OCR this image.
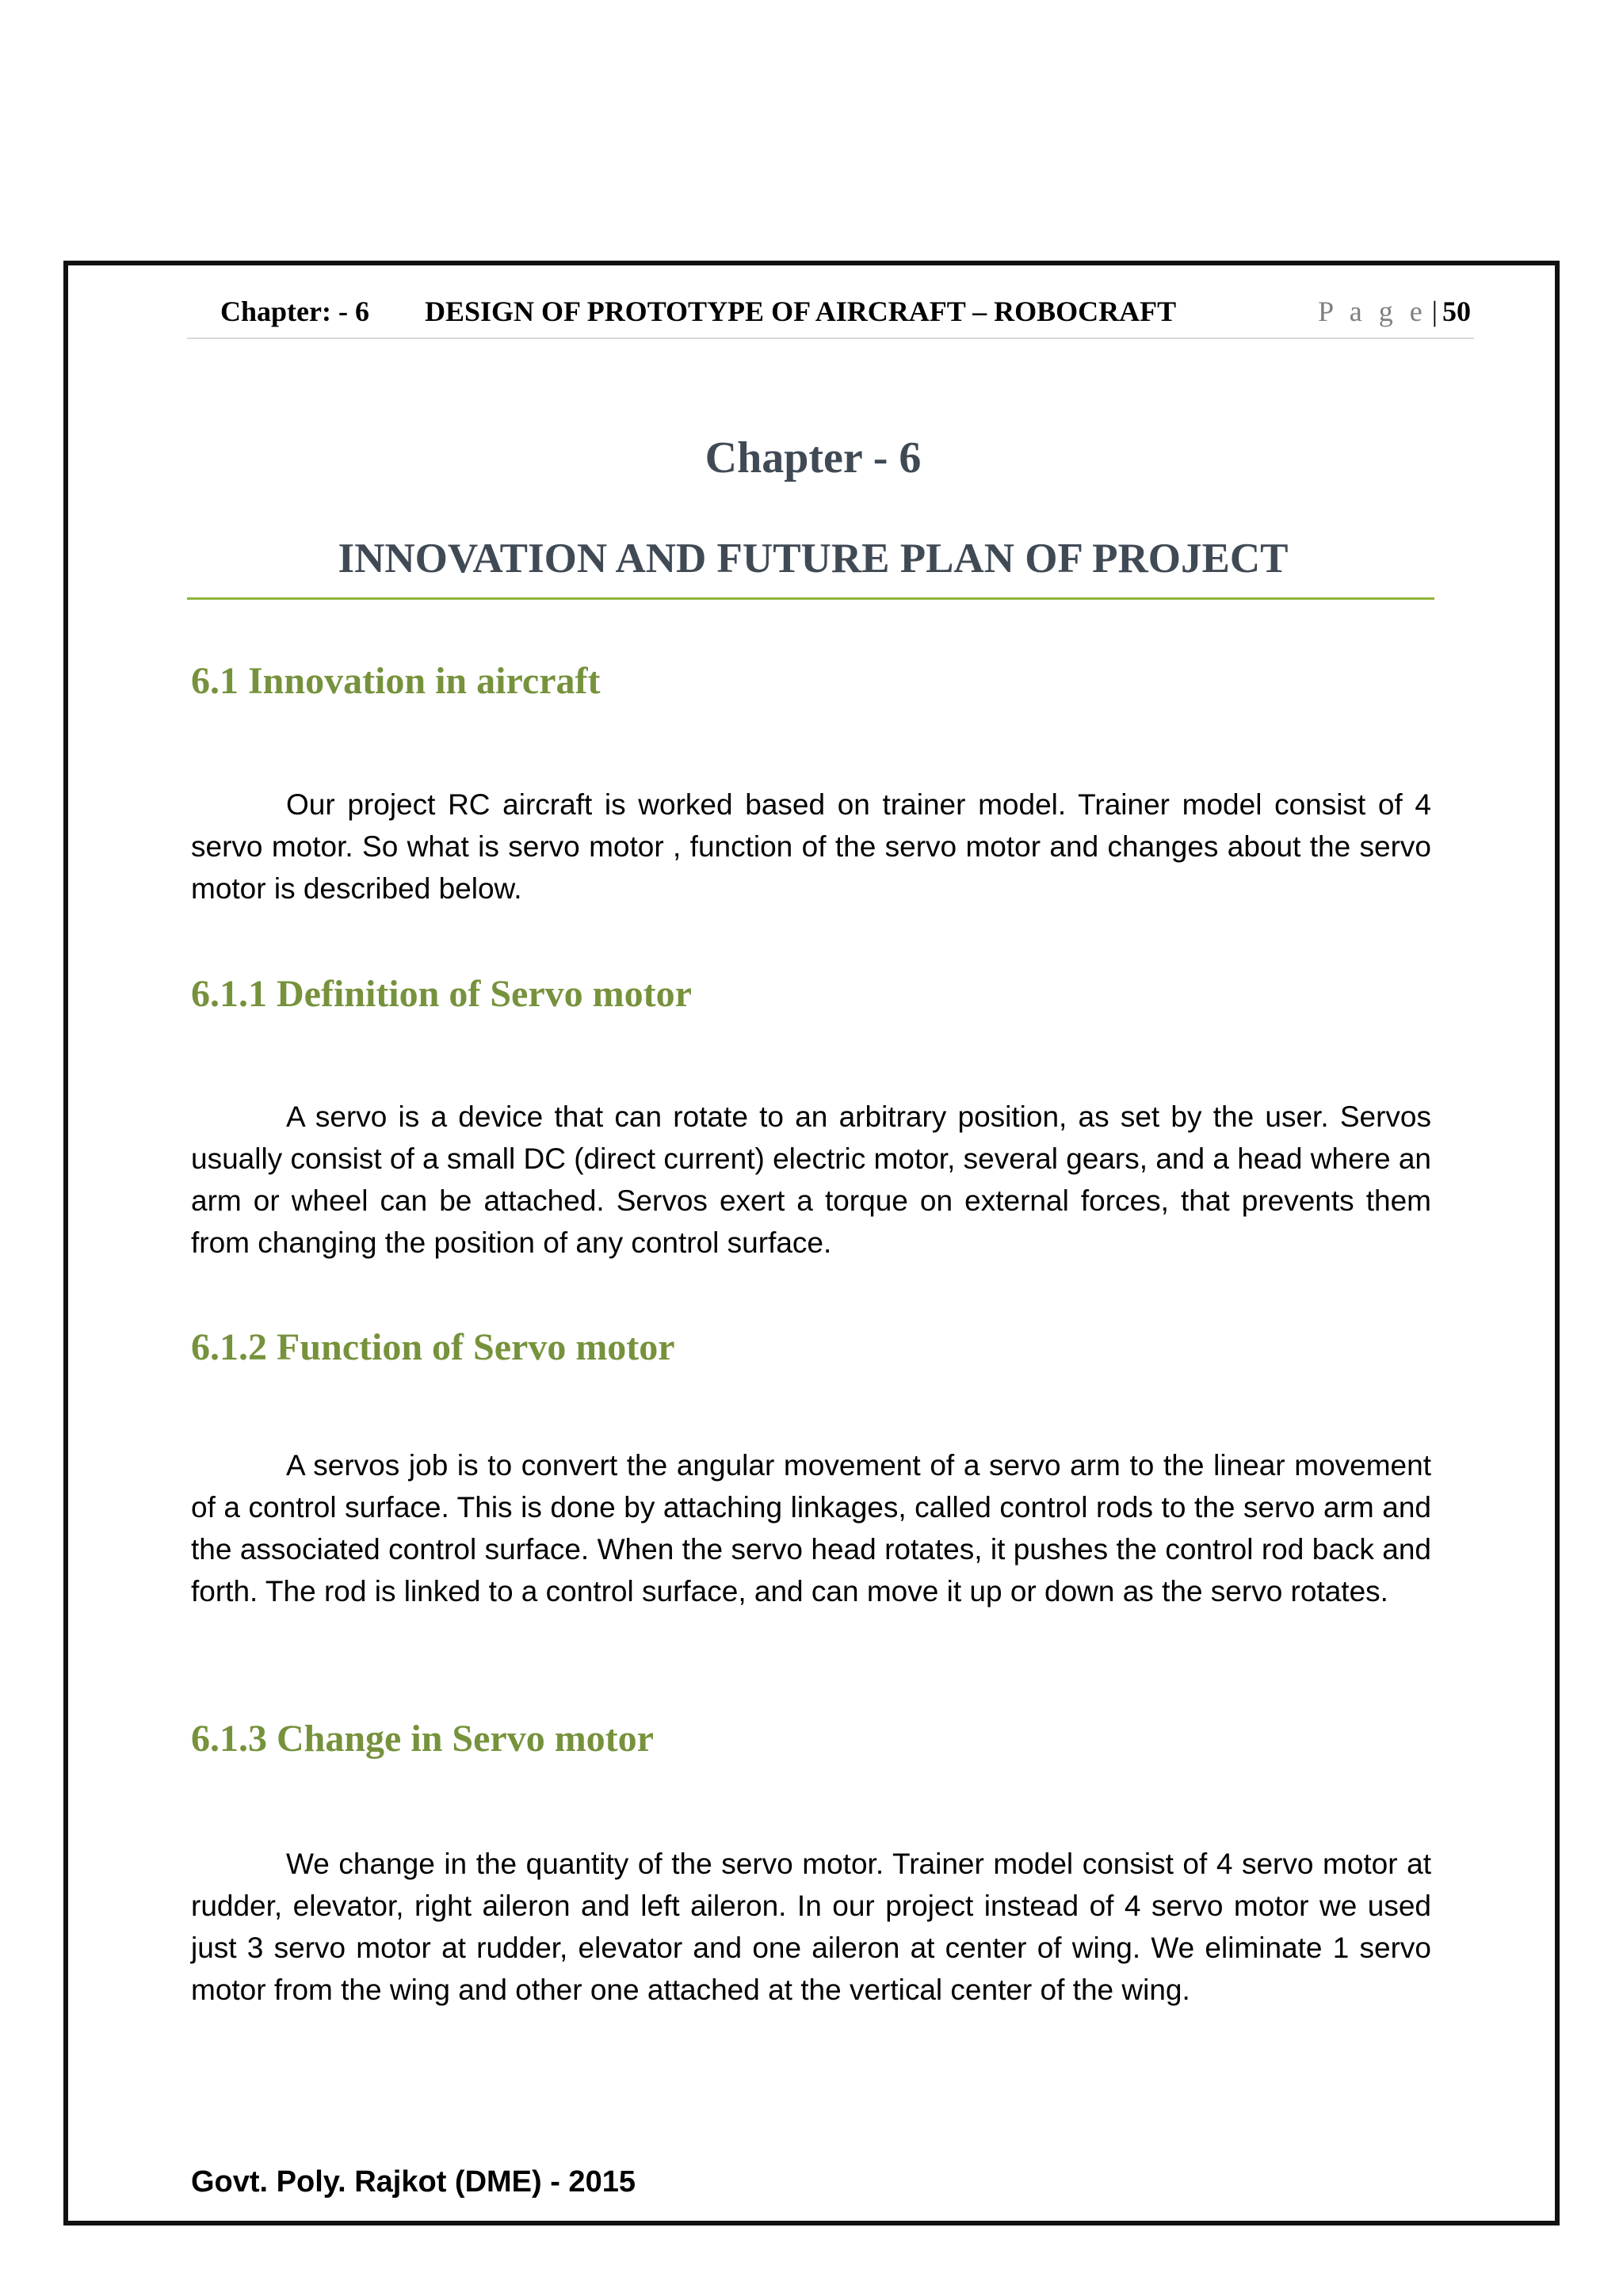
Chapter: - 6 DESIGN OF PROTOTYPE OF AIRCRAFT – ROBOCRAFT	P a g e | 50
Chapter - 6
INNOVATION AND FUTURE PLAN OF PROJECT
6.1 Innovation in aircraft

Our project RC aircraft is worked based on trainer model. Trainer model consist of 4 servo motor. So what is servo motor , function of the servo motor and changes about the servo motor is described below.

6.1.1 Definition of Servo motor

A servo is a device that can rotate to an arbitrary position, as set by the user. Servos usually consist of a small DC (direct current) electric motor, several gears, and a head where an arm or wheel can be attached. Servos exert a torque on external forces, that prevents them from changing the position of any control surface.

6.1.2 Function of Servo motor

A servos job is to convert the angular movement of a servo arm to the linear movement of a control surface. This is done by attaching linkages, called control rods to the servo arm and the associated control surface. When the servo head rotates, it pushes the control rod back and forth. The rod is linked to a control surface, and can move it up or down as the servo rotates.

6.1.3 Change in Servo motor

We change in the quantity of the servo motor. Trainer model consist of 4 servo motor at rudder, elevator, right aileron and left aileron. In our project instead of 4 servo motor we used just 3 servo motor at rudder, elevator and one aileron at center of wing. We eliminate 1 servo motor from the wing and other one attached at the vertical center of the wing.

Govt. Poly. Rajkot (DME) - 2015
